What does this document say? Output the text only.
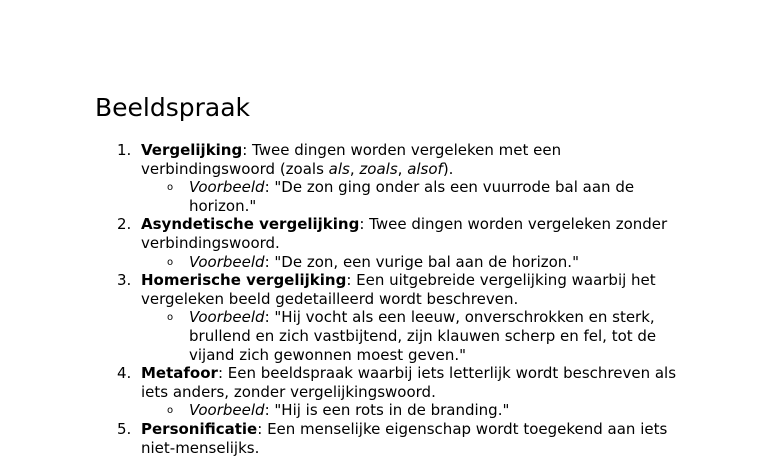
Beeldspraak
1. Vergelijking: Twee dingen worden vergeleken met een verbindingswoord (zoals als, zoals, alsof).
o Voorbeeld: "De zon ging onder als een vuurrode bal aan de horizon."
2. Asyndetische vergelijking: Twee dingen worden vergeleken zonder verbindingswoord.
o Voorbeeld: "De zon, een vurige bal aan de horizon."
3. Homerische vergelijking: Een uitgebreide vergelijking waarbij het vergeleken beeld gedetailleerd wordt beschreven.
o Voorbeeld: "Hij vocht als een leeuw, onverschrokken en sterk, brullend en zich vastbijtend, zijn klauwen scherp en fel, tot de vijand zich gewonnen moest geven."
4. Metafoor: Een beeldspraak waarbij iets letterlijk wordt beschreven als iets anders, zonder vergelijkingswoord.
o Voorbeeld: "Hij is een rots in de branding."
5. Personificatie: Een menselijke eigenschap wordt toegekend aan iets niet-menselijks.
